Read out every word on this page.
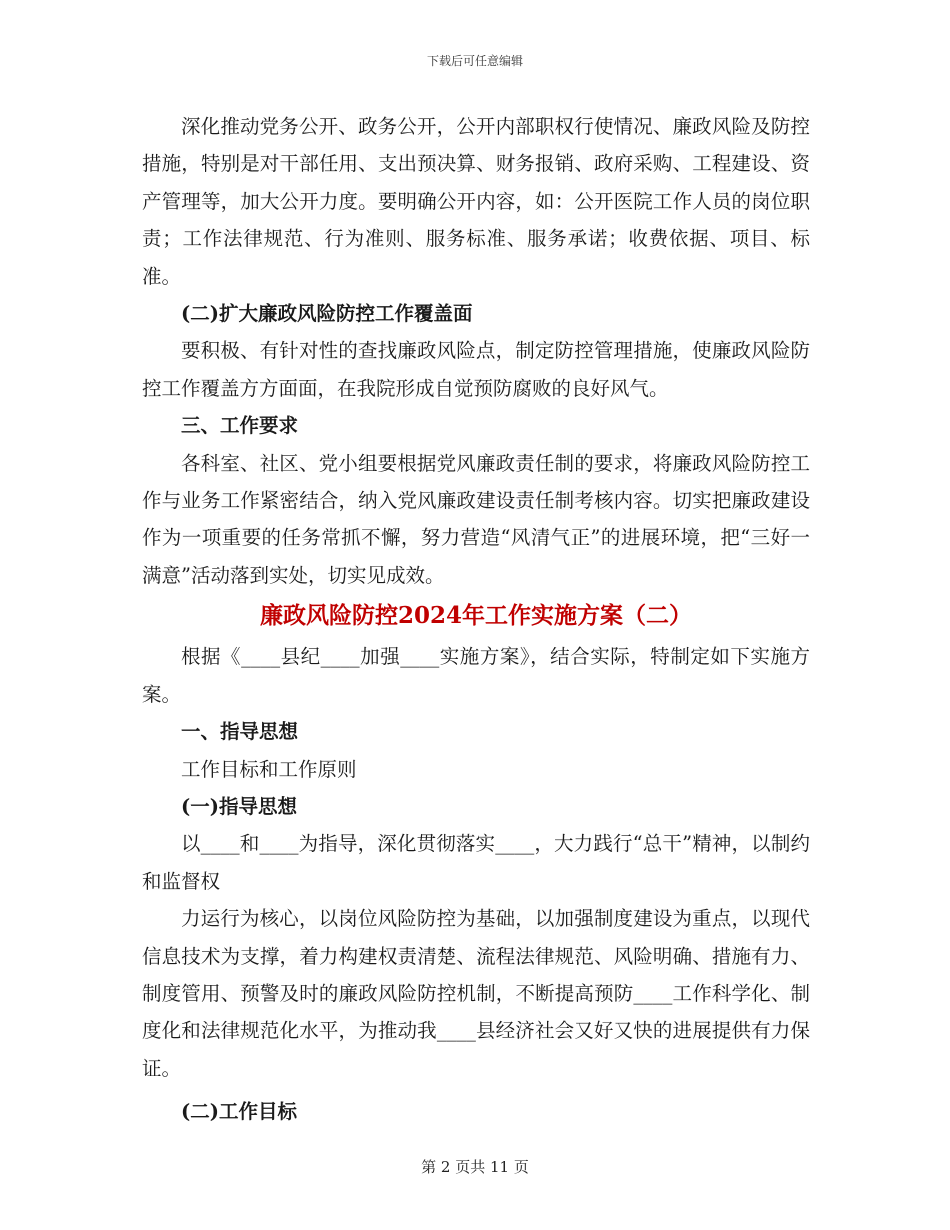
下载后可任意编辑

深化推动党务公开、政务公开，公开内部职权行使情况、廉政风险及防控措施，特别是对干部任用、支出预决算、财务报销、政府采购、工程建设、资产管理等，加大公开力度。要明确公开内容，如：公开医院工作人员的岗位职责；工作法律规范、行为准则、服务标准、服务承诺；收费依据、项目、标准。

(二)扩大廉政风险防控工作覆盖面

要积极、有针对性的查找廉政风险点，制定防控管理措施，使廉政风险防控工作覆盖方方面面，在我院形成自觉预防腐败的良好风气。

三、工作要求

各科室、社区、党小组要根据党风廉政责任制的要求，将廉政风险防控工作与业务工作紧密结合，纳入党风廉政建设责任制考核内容。切实把廉政建设作为一项重要的任务常抓不懈，努力营造“风清气正”的进展环境，把“三好一满意”活动落到实处，切实见成效。

廉政风险防控2024年工作实施方案（二）

根据《____县纪____加强____实施方案》，结合实际，特制定如下实施方案。

一、指导思想

工作目标和工作原则

(一)指导思想

以____和____为指导，深化贯彻落实____，大力践行“总干”精神，以制约和监督权

力运行为核心，以岗位风险防控为基础，以加强制度建设为重点，以现代信息技术为支撑，着力构建权责清楚、流程法律规范、风险明确、措施有力、制度管用、预警及时的廉政风险防控机制，不断提高预防____工作科学化、制度化和法律规范化水平，为推动我____县经济社会又好又快的进展提供有力保证。

(二)工作目标

第 2 页共 11 页
